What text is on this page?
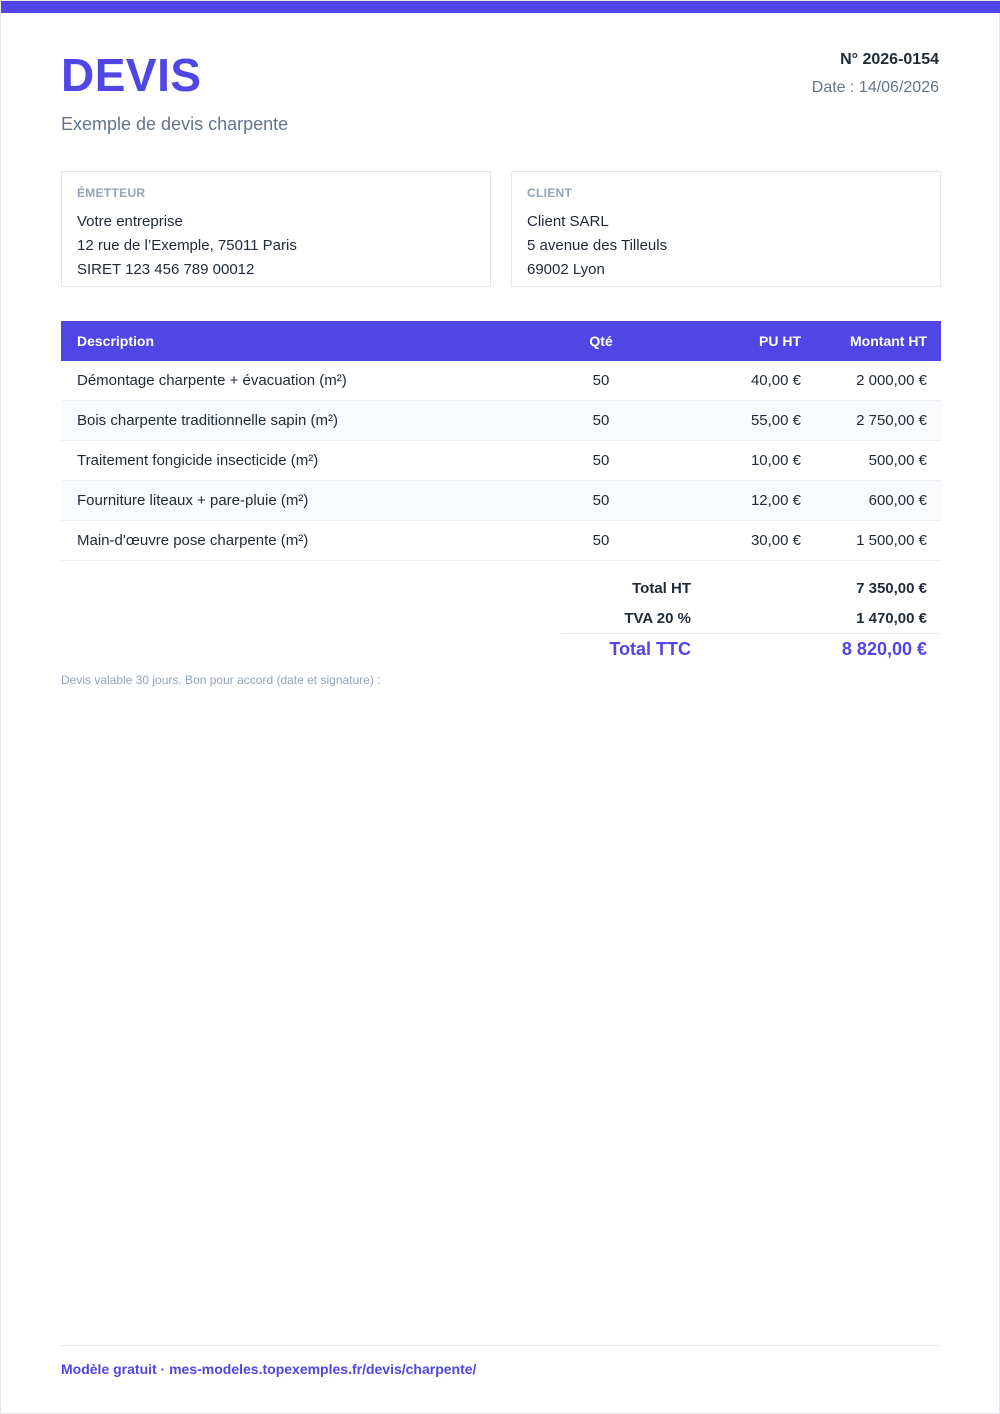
DEVIS
Exemple de devis charpente
N° 2026-0154
Date : 14/06/2026
ÉMETTEUR
Votre entreprise
12 rue de l’Exemple, 75011 Paris
SIRET 123 456 789 00012
CLIENT
Client SARL
5 avenue des Tilleuls
69002 Lyon
Description	Qté	PU HT	Montant HT
Démontage charpente + évacuation (m²)	50	40,00 €	2 000,00 €
Bois charpente traditionnelle sapin (m²)	50	55,00 €	2 750,00 €
Traitement fongicide insecticide (m²)	50	10,00 €	500,00 €
Fourniture liteaux + pare-pluie (m²)	50	12,00 €	600,00 €
Main-d'œuvre pose charpente (m²)	50	30,00 €	1 500,00 €
Total HT	7 350,00 €
TVA 20 %	1 470,00 €
Total TTC	8 820,00 €
Devis valable 30 jours. Bon pour accord (date et signature) :
Modèle gratuit · mes-modeles.topexemples.fr/devis/charpente/
